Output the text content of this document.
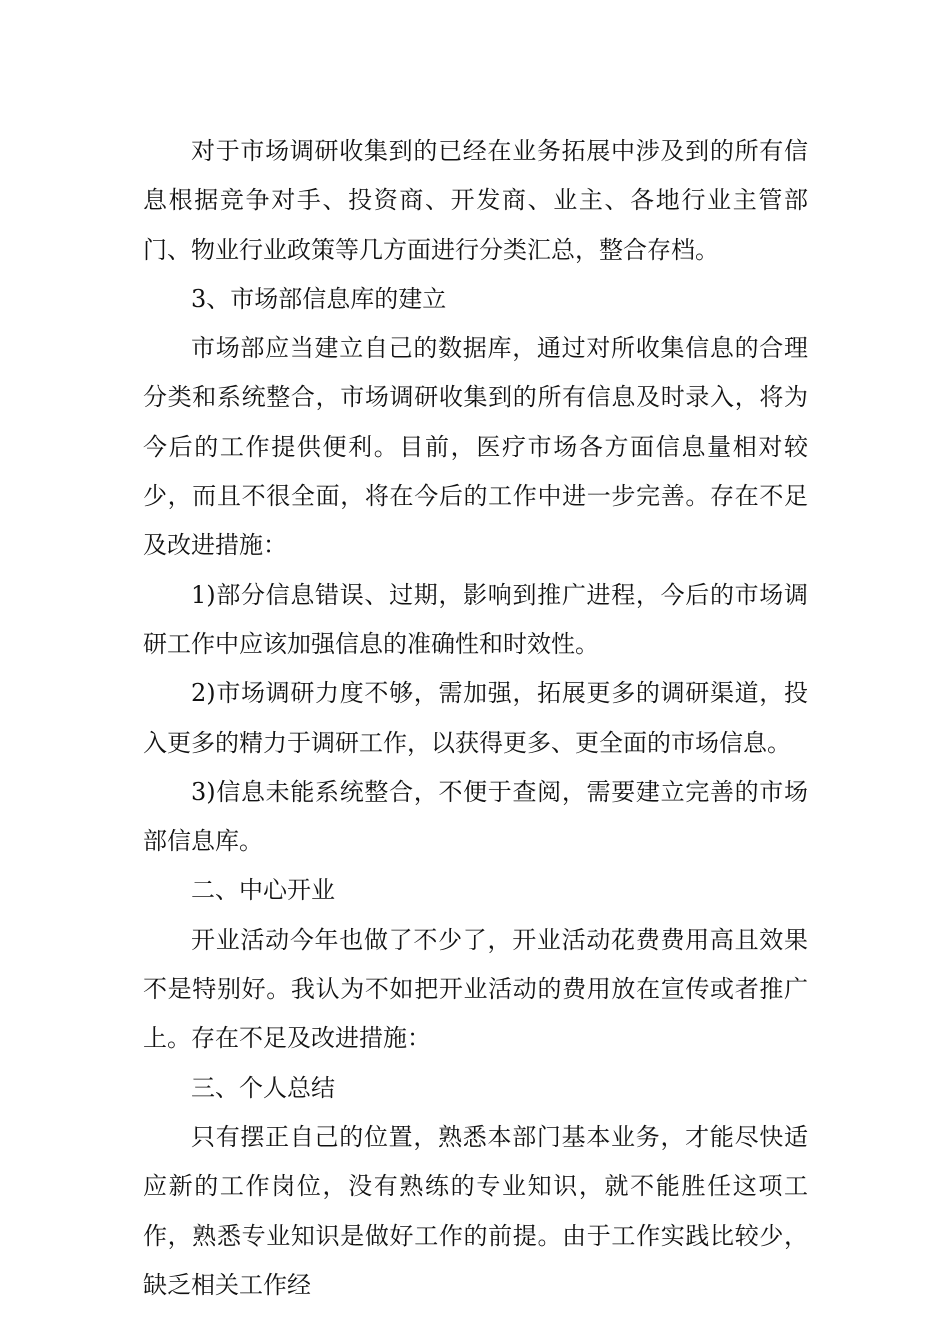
对于市场调研收集到的已经在业务拓展中涉及到的所有信息根据竞争对手、投资商、开发商、业主、各地行业主管部门、物业行业政策等几方面进行分类汇总，整合存档。

3、市场部信息库的建立

市场部应当建立自己的数据库，通过对所收集信息的合理分类和系统整合，市场调研收集到的所有信息及时录入，将为今后的工作提供便利。目前，医疗市场各方面信息量相对较少，而且不很全面，将在今后的工作中进一步完善。存在不足及改进措施：

1)部分信息错误、过期，影响到推广进程，今后的市场调研工作中应该加强信息的准确性和时效性。

2)市场调研力度不够，需加强，拓展更多的调研渠道，投入更多的精力于调研工作，以获得更多、更全面的市场信息。

3)信息未能系统整合，不便于查阅，需要建立完善的市场部信息库。

二、中心开业

开业活动今年也做了不少了，开业活动花费费用高且效果不是特别好。我认为不如把开业活动的费用放在宣传或者推广上。存在不足及改进措施：

三、个人总结

只有摆正自己的位置，熟悉本部门基本业务，才能尽快适应新的工作岗位，没有熟练的专业知识，就不能胜任这项工作，熟悉专业知识是做好工作的前提。由于工作实践比较少，缺乏相关工作经
